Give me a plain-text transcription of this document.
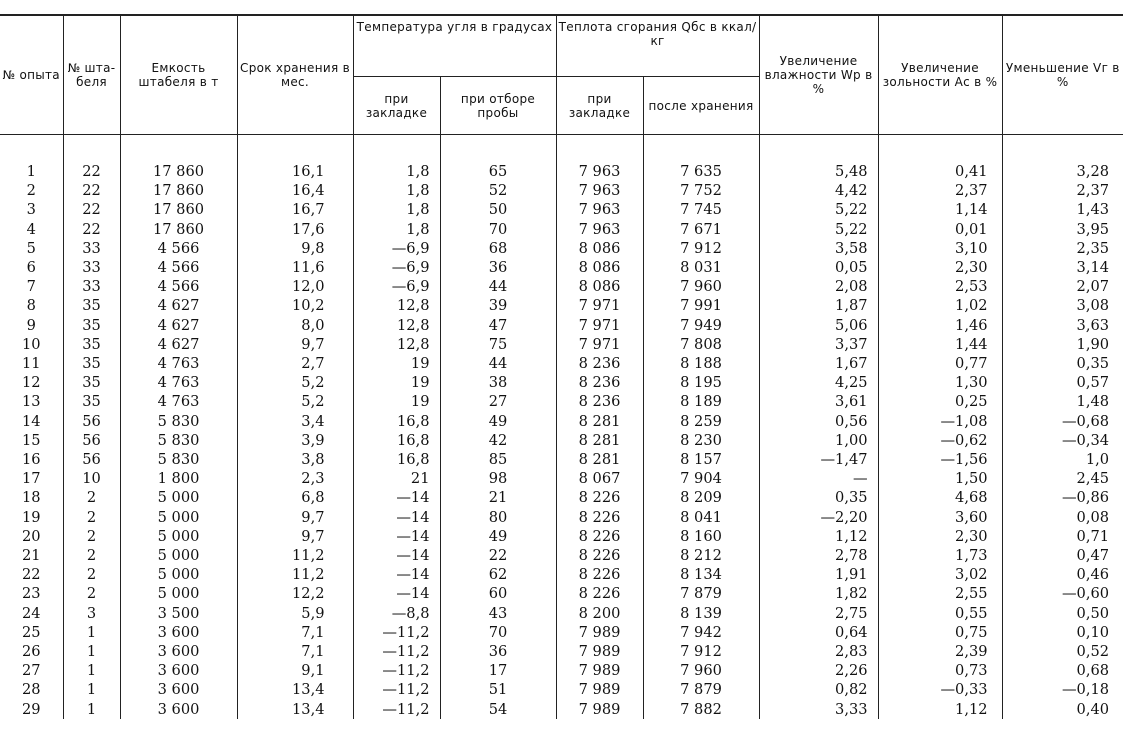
№ опыта	№ шта-беля	Емкость штабеля в т	Срок хранения в мес.	Температура угля в градусах		Теплота сгорания Qбс в ккал/кг		Увеличение влажности Wр в %	Увеличение зольности Ас в %	Уменьшение Vг в %
				при закладке	при отборе пробы	при закладке	после хранения			

1	22	17 860	16,1	1,8	65	7 963	7 635	5,48	0,41	3,28
2	22	17 860	16,4	1,8	52	7 963	7 752	4,42	2,37	2,37
3	22	17 860	16,7	1,8	50	7 963	7 745	5,22	1,14	1,43
4	22	17 860	17,6	1,8	70	7 963	7 671	5,22	0,01	3,95
5	33	4 566	9,8	—6,9	68	8 086	7 912	3,58	3,10	2,35
6	33	4 566	11,6	—6,9	36	8 086	8 031	0,05	2,30	3,14
7	33	4 566	12,0	—6,9	44	8 086	7 960	2,08	2,53	2,07
8	35	4 627	10,2	12,8	39	7 971	7 991	1,87	1,02	3,08
9	35	4 627	8,0	12,8	47	7 971	7 949	5,06	1,46	3,63
10	35	4 627	9,7	12,8	75	7 971	7 808	3,37	1,44	1,90
11	35	4 763	2,7	19	44	8 236	8 188	1,67	0,77	0,35
12	35	4 763	5,2	19	38	8 236	8 195	4,25	1,30	0,57
13	35	4 763	5,2	19	27	8 236	8 189	3,61	0,25	1,48
14	56	5 830	3,4	16,8	49	8 281	8 259	0,56	—1,08	—0,68
15	56	5 830	3,9	16,8	42	8 281	8 230	1,00	—0,62	—0,34
16	56	5 830	3,8	16,8	85	8 281	8 157	—1,47	—1,56	1,0
17	10	1 800	2,3	21	98	8 067	7 904	—	1,50	2,45
18	2	5 000	6,8	—14	21	8 226	8 209	0,35	4,68	—0,86
19	2	5 000	9,7	—14	80	8 226	8 041	—2,20	3,60	0,08
20	2	5 000	9,7	—14	49	8 226	8 160	1,12	2,30	0,71
21	2	5 000	11,2	—14	22	8 226	8 212	2,78	1,73	0,47
22	2	5 000	11,2	—14	62	8 226	8 134	1,91	3,02	0,46
23	2	5 000	12,2	—14	60	8 226	7 879	1,82	2,55	—0,60
24	3	3 500	5,9	—8,8	43	8 200	8 139	2,75	0,55	0,50
25	1	3 600	7,1	—11,2	70	7 989	7 942	0,64	0,75	0,10
26	1	3 600	7,1	—11,2	36	7 989	7 912	2,83	2,39	0,52
27	1	3 600	9,1	—11,2	17	7 989	7 960	2,26	0,73	0,68
28	1	3 600	13,4	—11,2	51	7 989	7 879	0,82	—0,33	—0,18
29	1	3 600	13,4	—11,2	54	7 989	7 882	3,33	1,12	0,40
